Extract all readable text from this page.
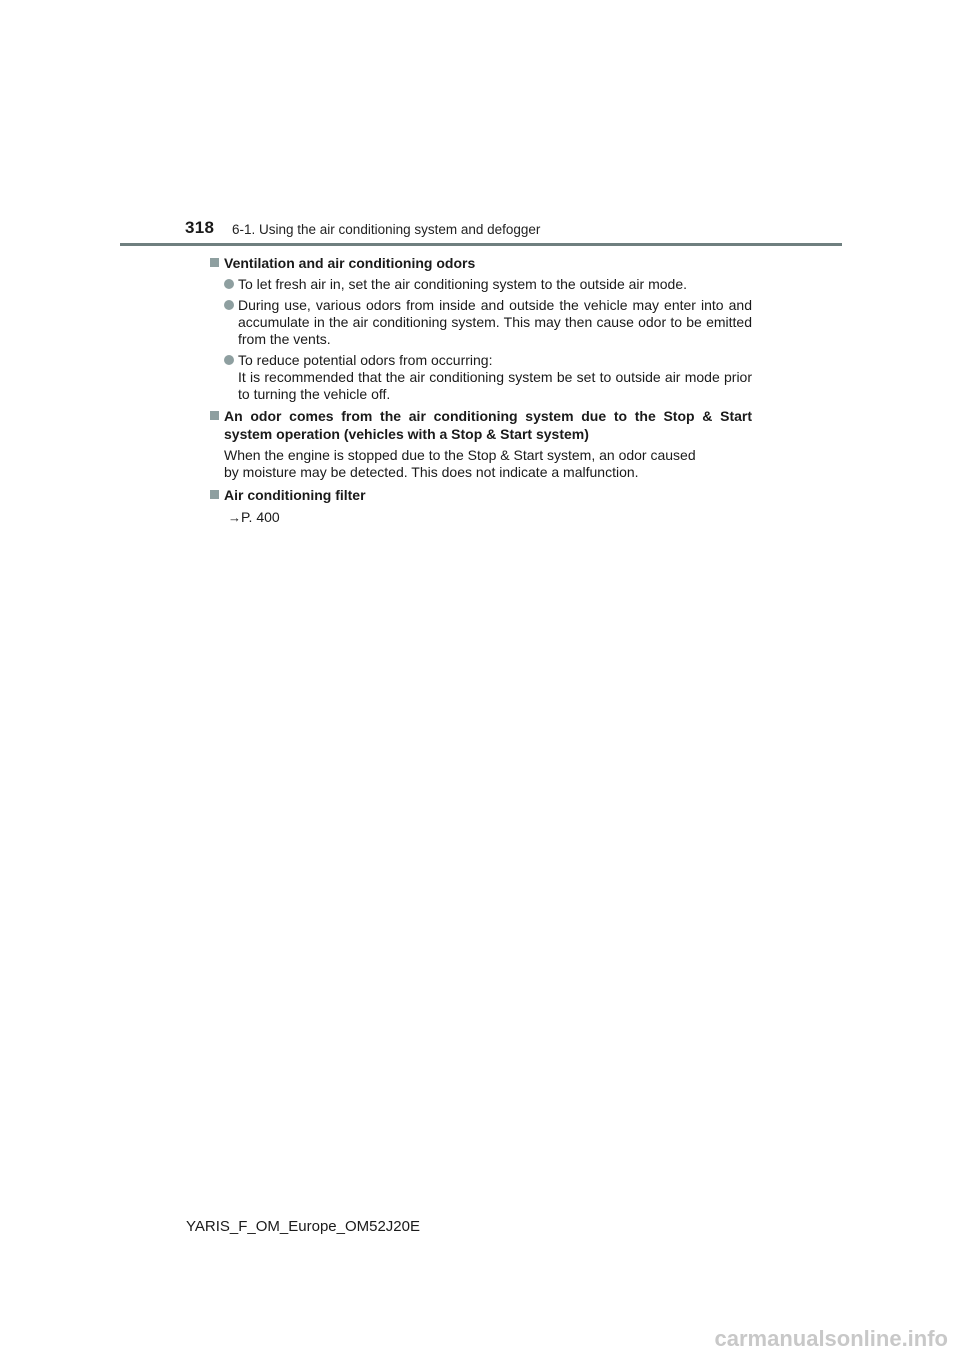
318 6-1. Using the air conditioning system and defogger
Ventilation and air conditioning odors
To let fresh air in, set the air conditioning system to the outside air mode.
During use, various odors from inside and outside the vehicle may enter into and accumulate in the air conditioning system. This may then cause odor to be emitted from the vents.
To reduce potential odors from occurring:
It is recommended that the air conditioning system be set to outside air mode prior to turning the vehicle off.
An odor comes from the air conditioning system due to the Stop & Start system operation (vehicles with a Stop & Start system)
When the engine is stopped due to the Stop & Start system, an odor caused
by moisture may be detected. This does not indicate a malfunction.
Air conditioning filter
→P. 400
YARIS_F_OM_Europe_OM52J20E
carmanualsonline.info
